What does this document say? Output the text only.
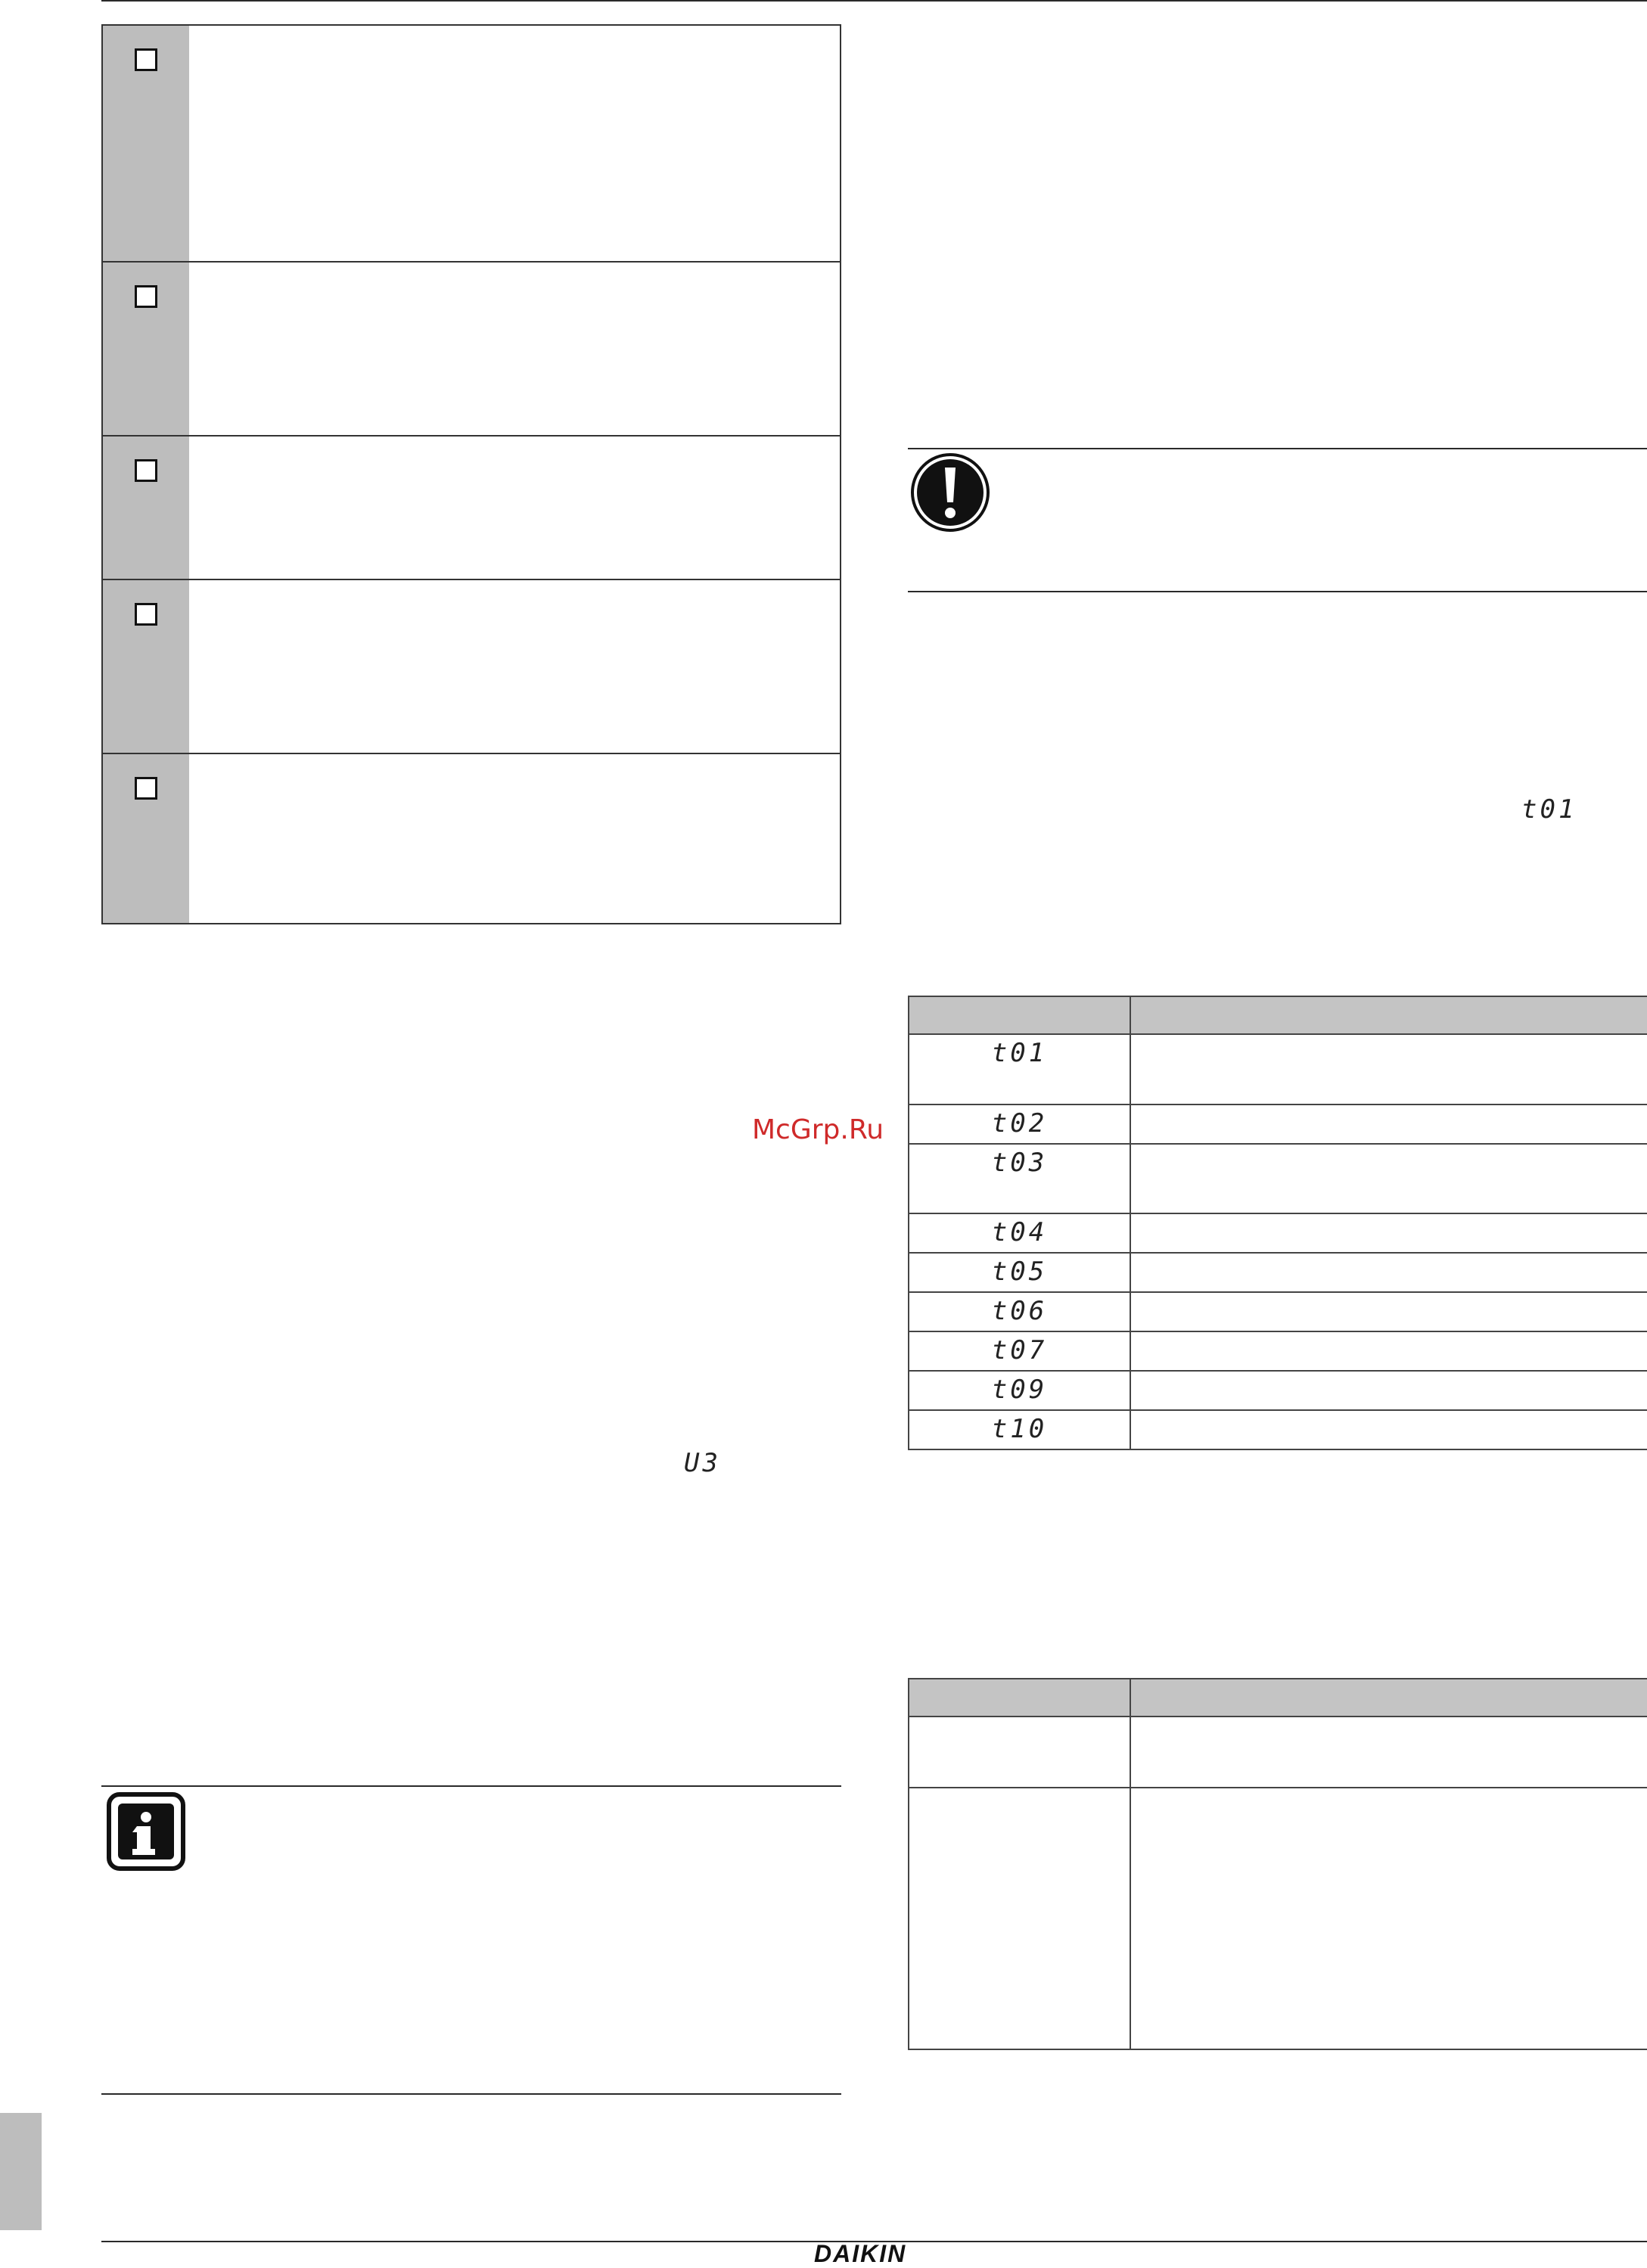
McGrp.Ru
U3
t01

t01	
t02	
t03	
t04	
t05	
t06	
t07	
t09	
t10	

DAIKIN
